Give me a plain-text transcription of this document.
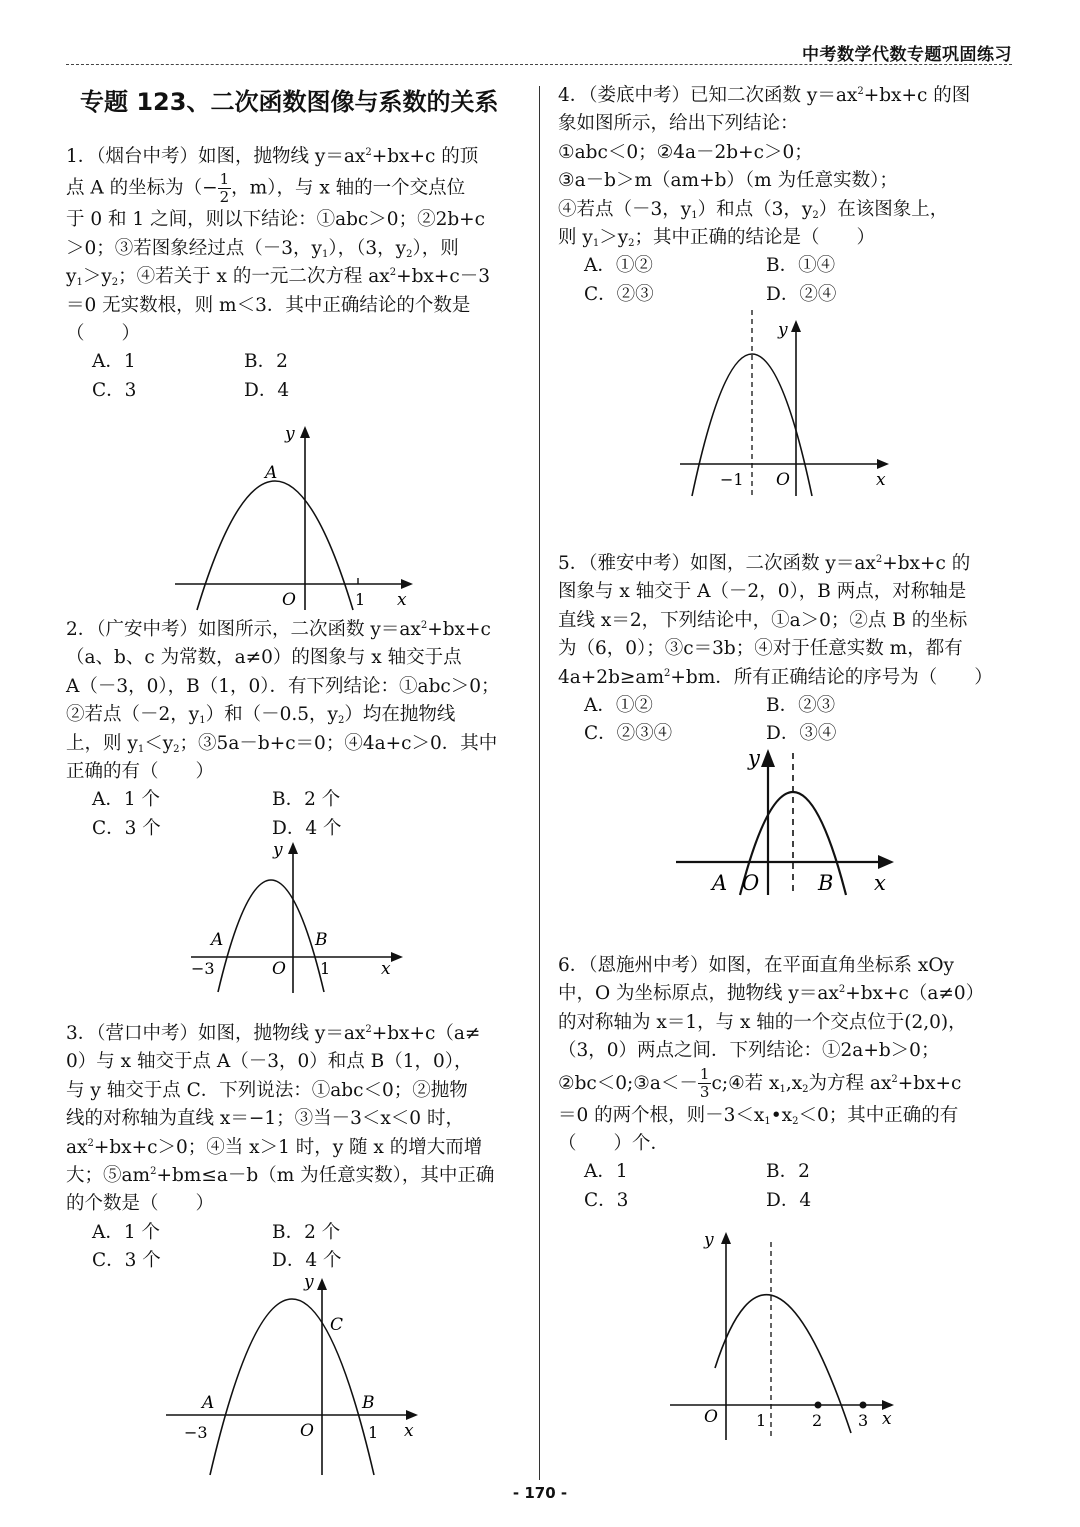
中考数学代数专题巩固练习
- 170 -
专题 123、二次函数图像与系数的关系
1．（烟台中考）如图，抛物线 $y=ax^2+bx+c$ 的顶
点 A 的坐标为（− $\frac{1}{2}$ ，m），与 x 轴的一个交点位
于 0 和 1 之间，则以下结论：①abc＞0；②2b+c
＞0；③若图象经过点（－3，$y_1$），（3，$y_2$），则
$y_1>y_2$；④若关于 x 的一元二次方程 $ax^2+bx+c-3$
＝0 无实数根，则 m＜3．其中正确结论的个数是
（　　）
A．1	B．2
C．3	D．4
y
A
O	1 x
2．（广安中考）如图所示，二次函数 $y=ax^2+bx+c$
（a、b、c 为常数，a≠0）的图象与 x 轴交于点
A（－3，0），B（1，0）．有下列结论：①abc＞0；
②若点（－2，$y_1$）和（－0.5，$y_2$）均在抛物线
上，则 $y_1<y_2$；③5a－b+c＝0；④4a+c＞0．其中
正确的有（　　）
A．1 个	B．2 个
C．3 个	D．4 个
y
A	B
−3	O 1	x
3．（营口中考）如图，抛物线 $y=ax^2+bx+c(a\ne$
0）与 x 轴交于点 A（－3，0）和点 B（1，0），
与 y 轴交于点 C．下列说法：①abc＜0；②抛物
线的对称轴为直线 x＝−1；③当－3＜x＜0 时，
$ax^2+bx+c>0$；④当 x＞1 时，y 随 x 的增大而增
大；$⑤am^2+bm\le a-b(m$ 为任意实数），其中正确
的个数是（　　）
A．1 个	B．2 个
C．3 个	D．4 个
y
C
A	B
−3	O	1 x
4．（娄底中考）已知二次函数 $y=ax^2+bx+c$ 的图
象如图所示，给出下列结论：
①abc＜0；②4a－2b+c＞0；
③a－b＞m（am+b）（m 为任意实数）；
④若点（－3，$y_1$）和点（3，$y_2$）在该图象上，
则 $y_1>y_2$；其中正确的结论是（　　）
A．①②	B．①④
C．②③	D．②④
y
−1 O	x
5．（雅安中考）如图，二次函数 $y=ax^2+bx+c$ 的
图象与 x 轴交于 A（－2，0），B 两点，对称轴是
直线 x＝2，下列结论中，①a＞0；②点 B 的坐标
为（6，0）；③c＝3b；④对于任意实数 m，都有
$4a+2b\ge am^2+bm$．所有正确结论的序号为（　　）
A．①②	B．②③
C．②③④	D．③④
y
A O	B x
6．（恩施州中考）如图，在平面直角坐标系 xOy
中，O 为坐标原点，抛物线 $y=ax^2+bx+c(a\ne 0)$
的对称轴为 x＝1，与 x 轴的一个交点位于(2,0)，
（3，0）两点之间．下列结论：①2a+b＞0；
②bc＜0;③a＜－ $\frac{1}{3}$ c;④若 $x_1,x_2$为方程 $ax^2+bx+c$
＝0 的两个根，则$-3<x_1•x_2<0$；其中正确的有
（　　）个．
A．1	B．2
C．3	D．4
y
O 1	2 3 x
